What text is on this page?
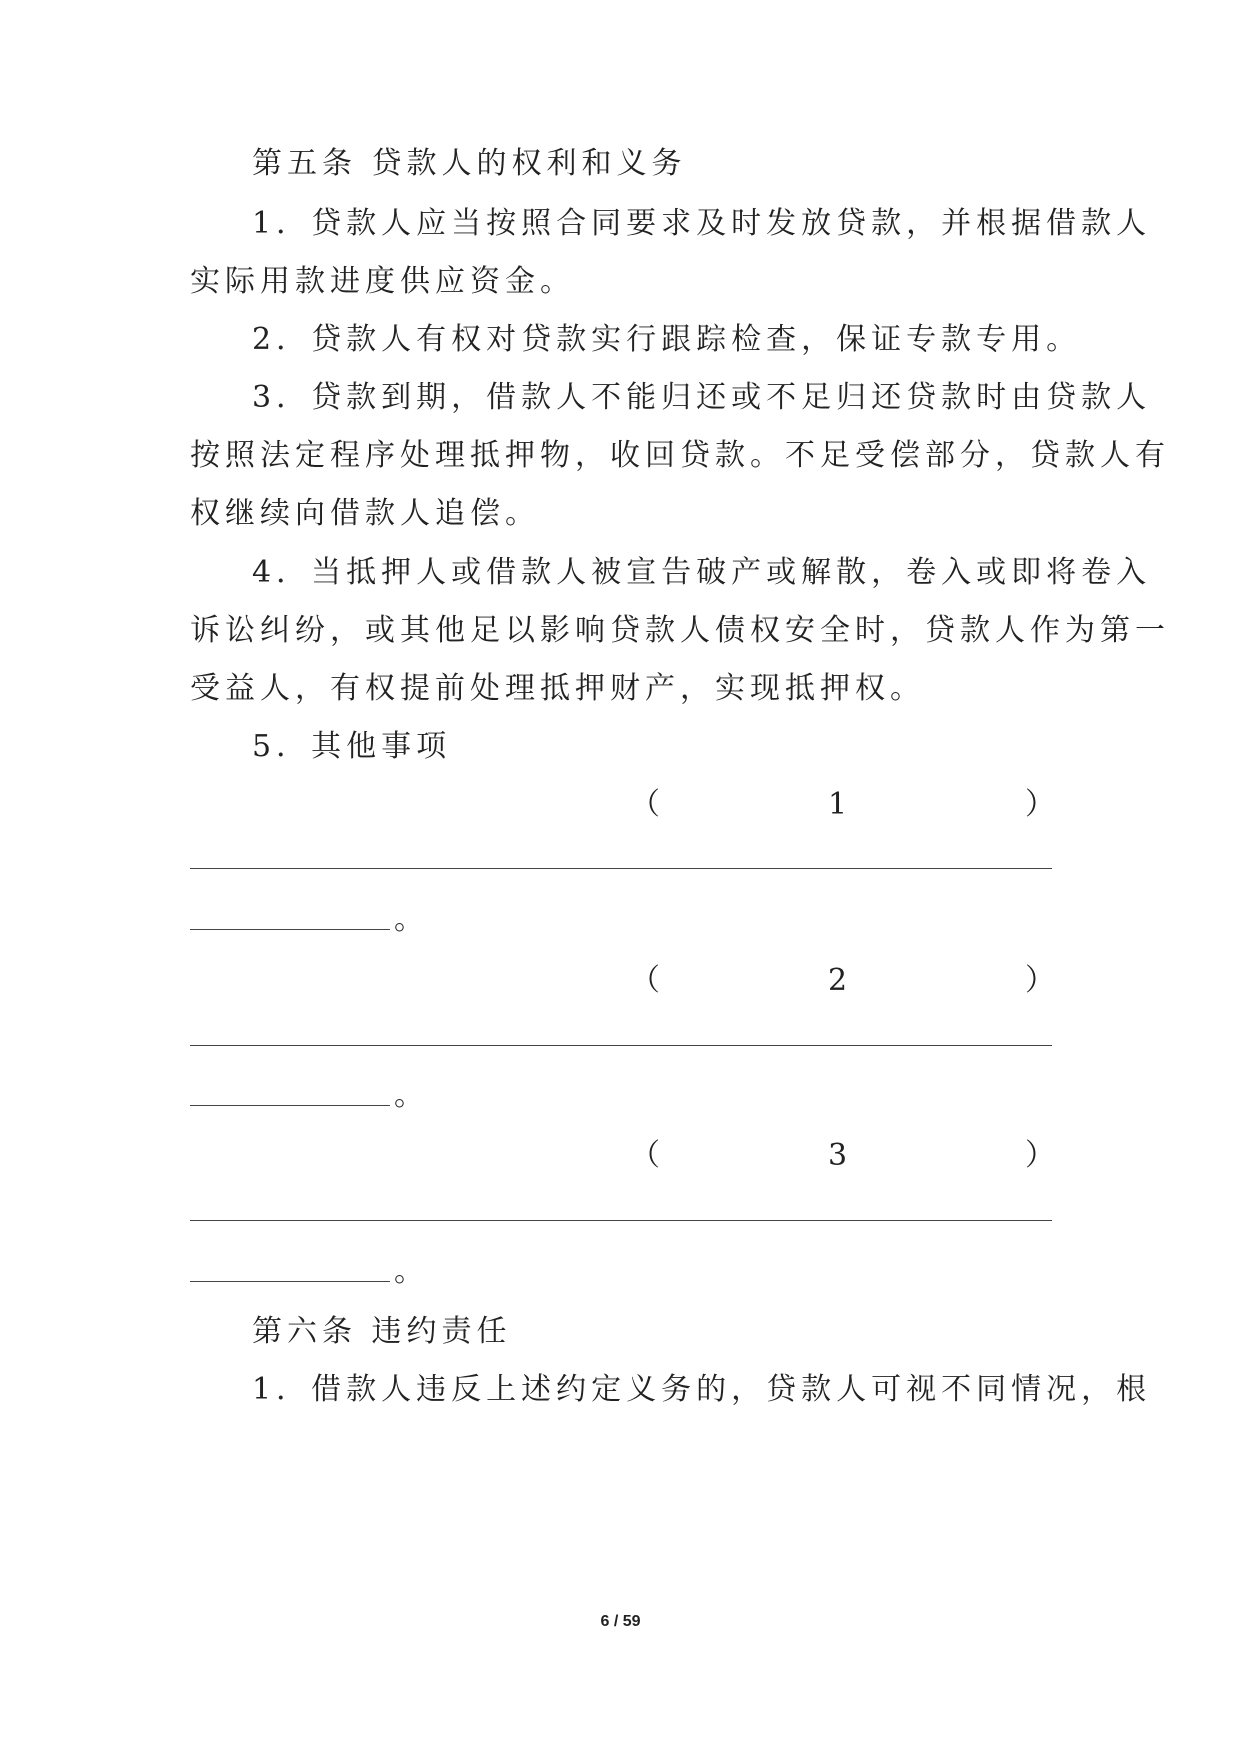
第五条 贷款人的权利和义务
1．贷款人应当按照合同要求及时发放贷款，并根据借款人
实际用款进度供应资金。
2．贷款人有权对贷款实行跟踪检查，保证专款专用。
3．贷款到期，借款人不能归还或不足归还贷款时由贷款人
按照法定程序处理抵押物，收回贷款。不足受偿部分，贷款人有
权继续向借款人追偿。
4．当抵押人或借款人被宣告破产或解散，卷入或即将卷入
诉讼纠纷，或其他足以影响贷款人债权安全时，贷款人作为第一
受益人，有权提前处理抵押财产，实现抵押权。
5．其他事项
（	1	）
。
（	2	）
。
（	3	）
。
第六条 违约责任
1．借款人违反上述约定义务的，贷款人可视不同情况，根
6 / 59
